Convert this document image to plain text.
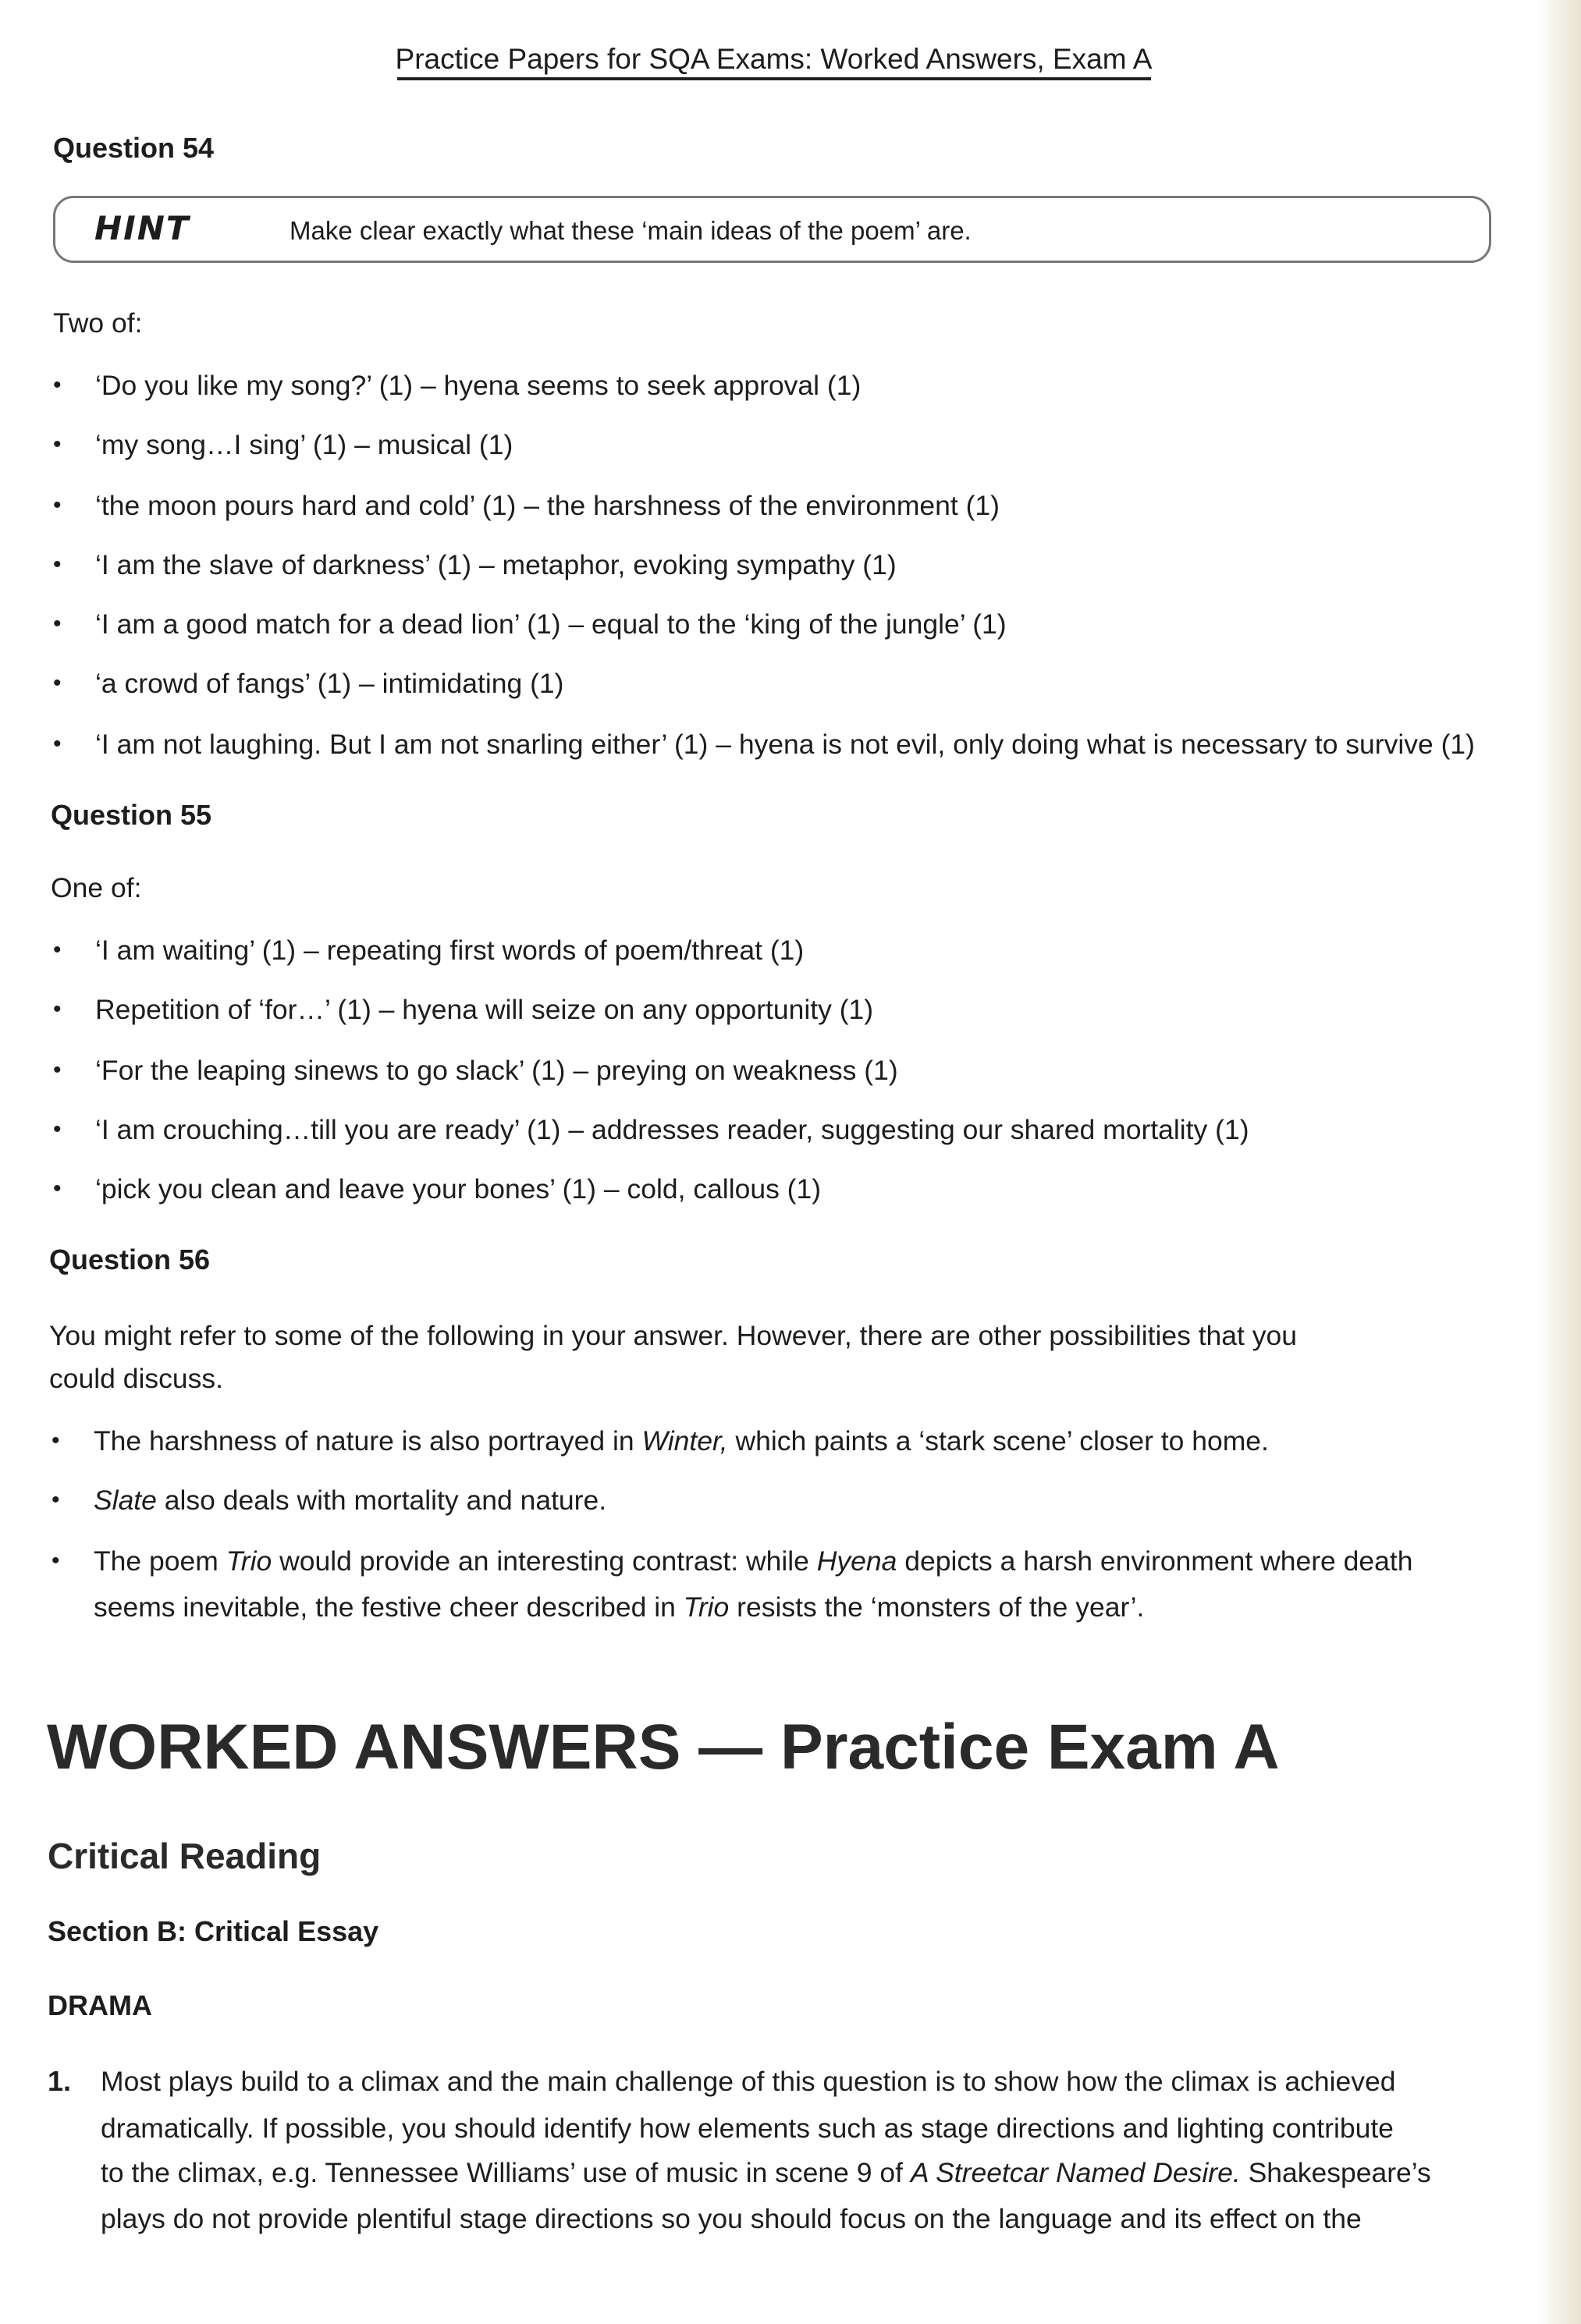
Practice Papers for SQA Exams: Worked Answers, Exam A
Question 54
HINT	Make clear exactly what these ‘main ideas of the poem’ are.
Two of:
• ‘Do you like my song?’ (1) – hyena seems to seek approval (1)
• ‘my song…I sing’ (1) – musical (1)
• ‘the moon pours hard and cold’ (1) – the harshness of the environment (1)
• ‘I am the slave of darkness’ (1) – metaphor, evoking sympathy (1)
• ‘I am a good match for a dead lion’ (1) – equal to the ‘king of the jungle’ (1)
• ‘a crowd of fangs’ (1) – intimidating (1)
• ‘I am not laughing. But I am not snarling either’ (1) – hyena is not evil, only doing what is necessary to survive (1)
Question 55
One of:
• ‘I am waiting’ (1) – repeating first words of poem/threat (1)
• Repetition of ‘for…’ (1) – hyena will seize on any opportunity (1)
• ‘For the leaping sinews to go slack’ (1) – preying on weakness (1)
• ‘I am crouching…till you are ready’ (1) – addresses reader, suggesting our shared mortality (1)
• ‘pick you clean and leave your bones’ (1) – cold, callous (1)
Question 56
You might refer to some of the following in your answer. However, there are other possibilities that you
could discuss.
• The harshness of nature is also portrayed in Winter, which paints a ‘stark scene’ closer to home.
• Slate also deals with mortality and nature.
• The poem Trio would provide an interesting contrast: while Hyena depicts a harsh environment where death
seems inevitable, the festive cheer described in Trio resists the ‘monsters of the year’.
WORKED ANSWERS — Practice Exam A
Critical Reading
Section B: Critical Essay
DRAMA
1. Most plays build to a climax and the main challenge of this question is to show how the climax is achieved
dramatically. If possible, you should identify how elements such as stage directions and lighting contribute
to the climax, e.g. Tennessee Williams’ use of music in scene 9 of A Streetcar Named Desire. Shakespeare’s
plays do not provide plentiful stage directions so you should focus on the language and its effect on the
